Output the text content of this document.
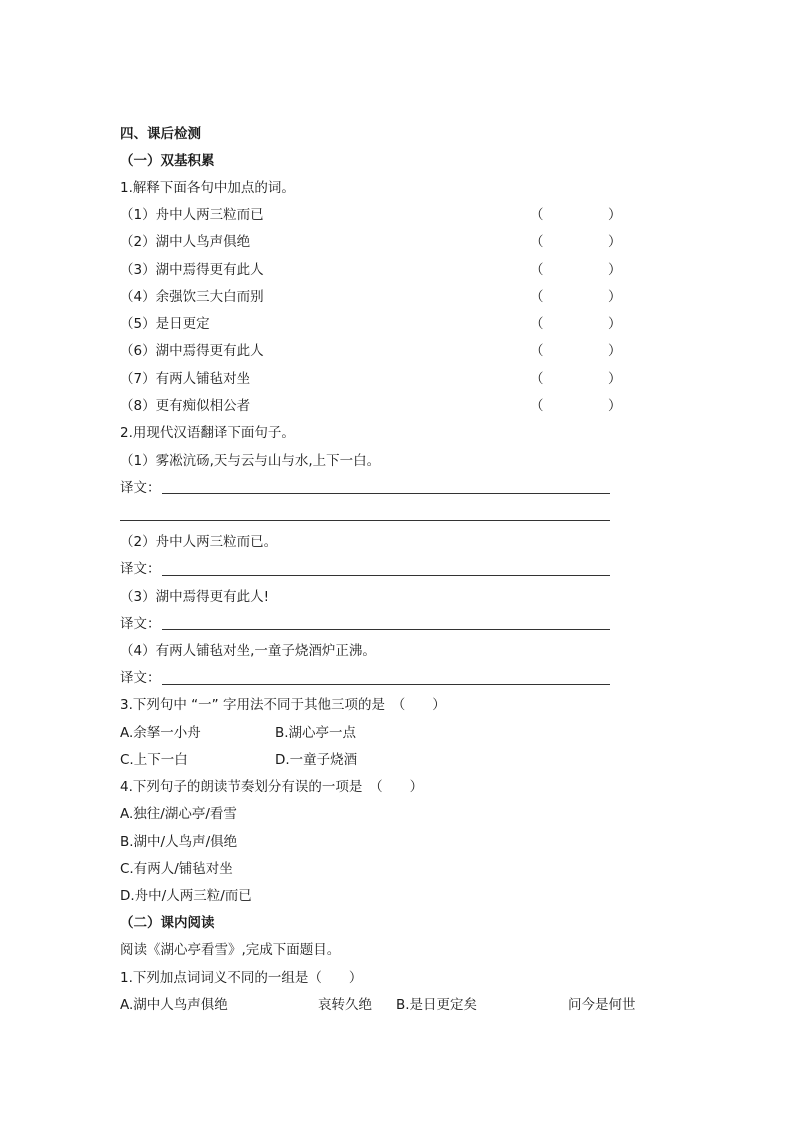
四、课后检测
（一）双基积累
1.解释下面各句中加点的词。
（1）舟中人两三粒而已	（	）
（2）湖中人鸟声俱绝	（	）
（3）湖中焉得更有此人	（	）
（4）余强饮三大白而别	（	）
（5）是日更定	（	）
（6）湖中焉得更有此人	（	）
（7）有两人铺毡对坐	（	）
（8）更有痴似相公者	（	）
2.用现代汉语翻译下面句子。
（1）雾凇沆砀,天与云与山与水,上下一白。
译文：
（2）舟中人两三粒而已。
译文：
（3）湖中焉得更有此人!
译文：
（4）有两人铺毡对坐,一童子烧酒炉正沸。
译文：
3.下列句中 “一” 字用法不同于其他三项的是　（　　）
A.余拏一小舟	B.湖心亭一点
C.上下一白	D.一童子烧酒
4.下列句子的朗读节奏划分有误的一项是　（　　）
A.独往/湖心亭/看雪
B.湖中/人鸟声/俱绝
C.有两人/铺毡对坐
D.舟中/人两三粒/而已
（二）课内阅读
阅读《湖心亭看雪》,完成下面题目。
1.下列加点词词义不同的一组是（　　）
A.湖中人鸟声俱绝	哀转久绝 B.是日更定矣	问今是何世
